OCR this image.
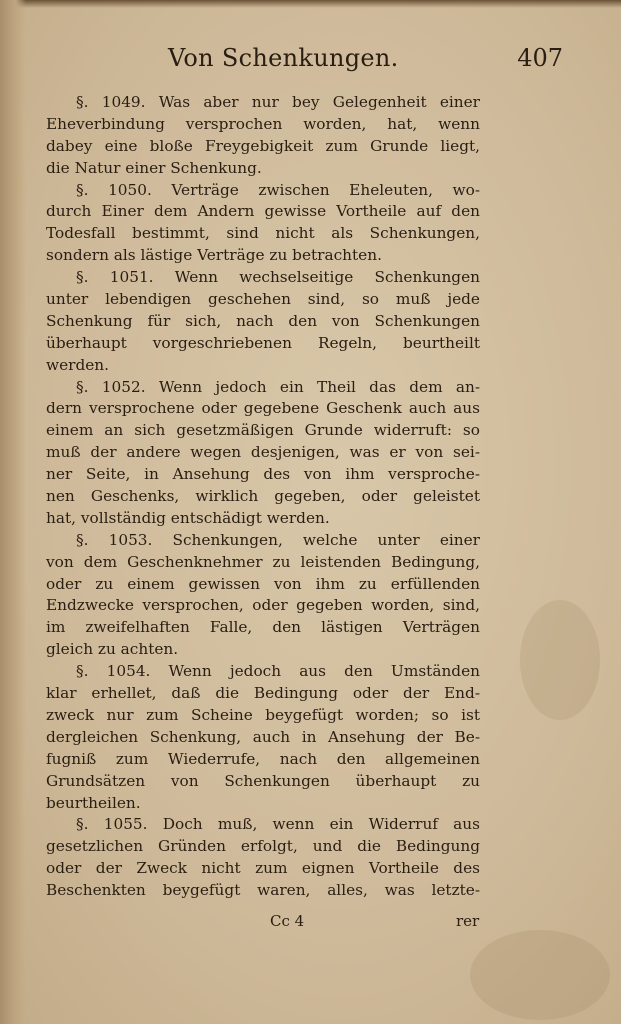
Von Schenkungen.	407
§. 1049. Was aber nur bey Gelegenheit einer
Eheverbindung versprochen worden, hat, wenn
dabey eine bloße Freygebigkeit zum Grunde liegt,
die Natur einer Schenkung.
§. 1050. Verträge zwischen Eheleuten, wo-
durch Einer dem Andern gewisse Vortheile auf den
Todesfall bestimmt, sind nicht als Schenkungen,
sondern als lästige Verträge zu betrachten.
§. 1051. Wenn wechselseitige Schenkungen
unter lebendigen geschehen sind, so muß jede
Schenkung für sich, nach den von Schenkungen
überhaupt vorgeschriebenen Regeln, beurtheilt
werden.
§. 1052. Wenn jedoch ein Theil das dem an-
dern versprochene oder gegebene Geschenk auch aus
einem an sich gesetzmäßigen Grunde widerruft: so
muß der andere wegen desjenigen, was er von sei-
ner Seite, in Ansehung des von ihm versproche-
nen Geschenks, wirklich gegeben, oder geleistet
hat, vollständig entschädigt werden.
§. 1053. Schenkungen, welche unter einer
von dem Geschenknehmer zu leistenden Bedingung,
oder zu einem gewissen von ihm zu erfüllenden
Endzwecke versprochen, oder gegeben worden, sind,
im zweifelhaften Falle, den lästigen Verträgen
gleich zu achten.
§. 1054. Wenn jedoch aus den Umständen
klar erhellet, daß die Bedingung oder der End-
zweck nur zum Scheine beygefügt worden; so ist
dergleichen Schenkung, auch in Ansehung der Be-
fugniß zum Wiederrufe, nach den allgemeinen
Grundsätzen von Schenkungen überhaupt zu
beurtheilen.
§. 1055. Doch muß, wenn ein Widerruf aus
gesetzlichen Gründen erfolgt, und die Bedingung
oder der Zweck nicht zum eignen Vortheile des
Beschenkten beygefügt waren, alles, was letzte-
Cc 4	rer
